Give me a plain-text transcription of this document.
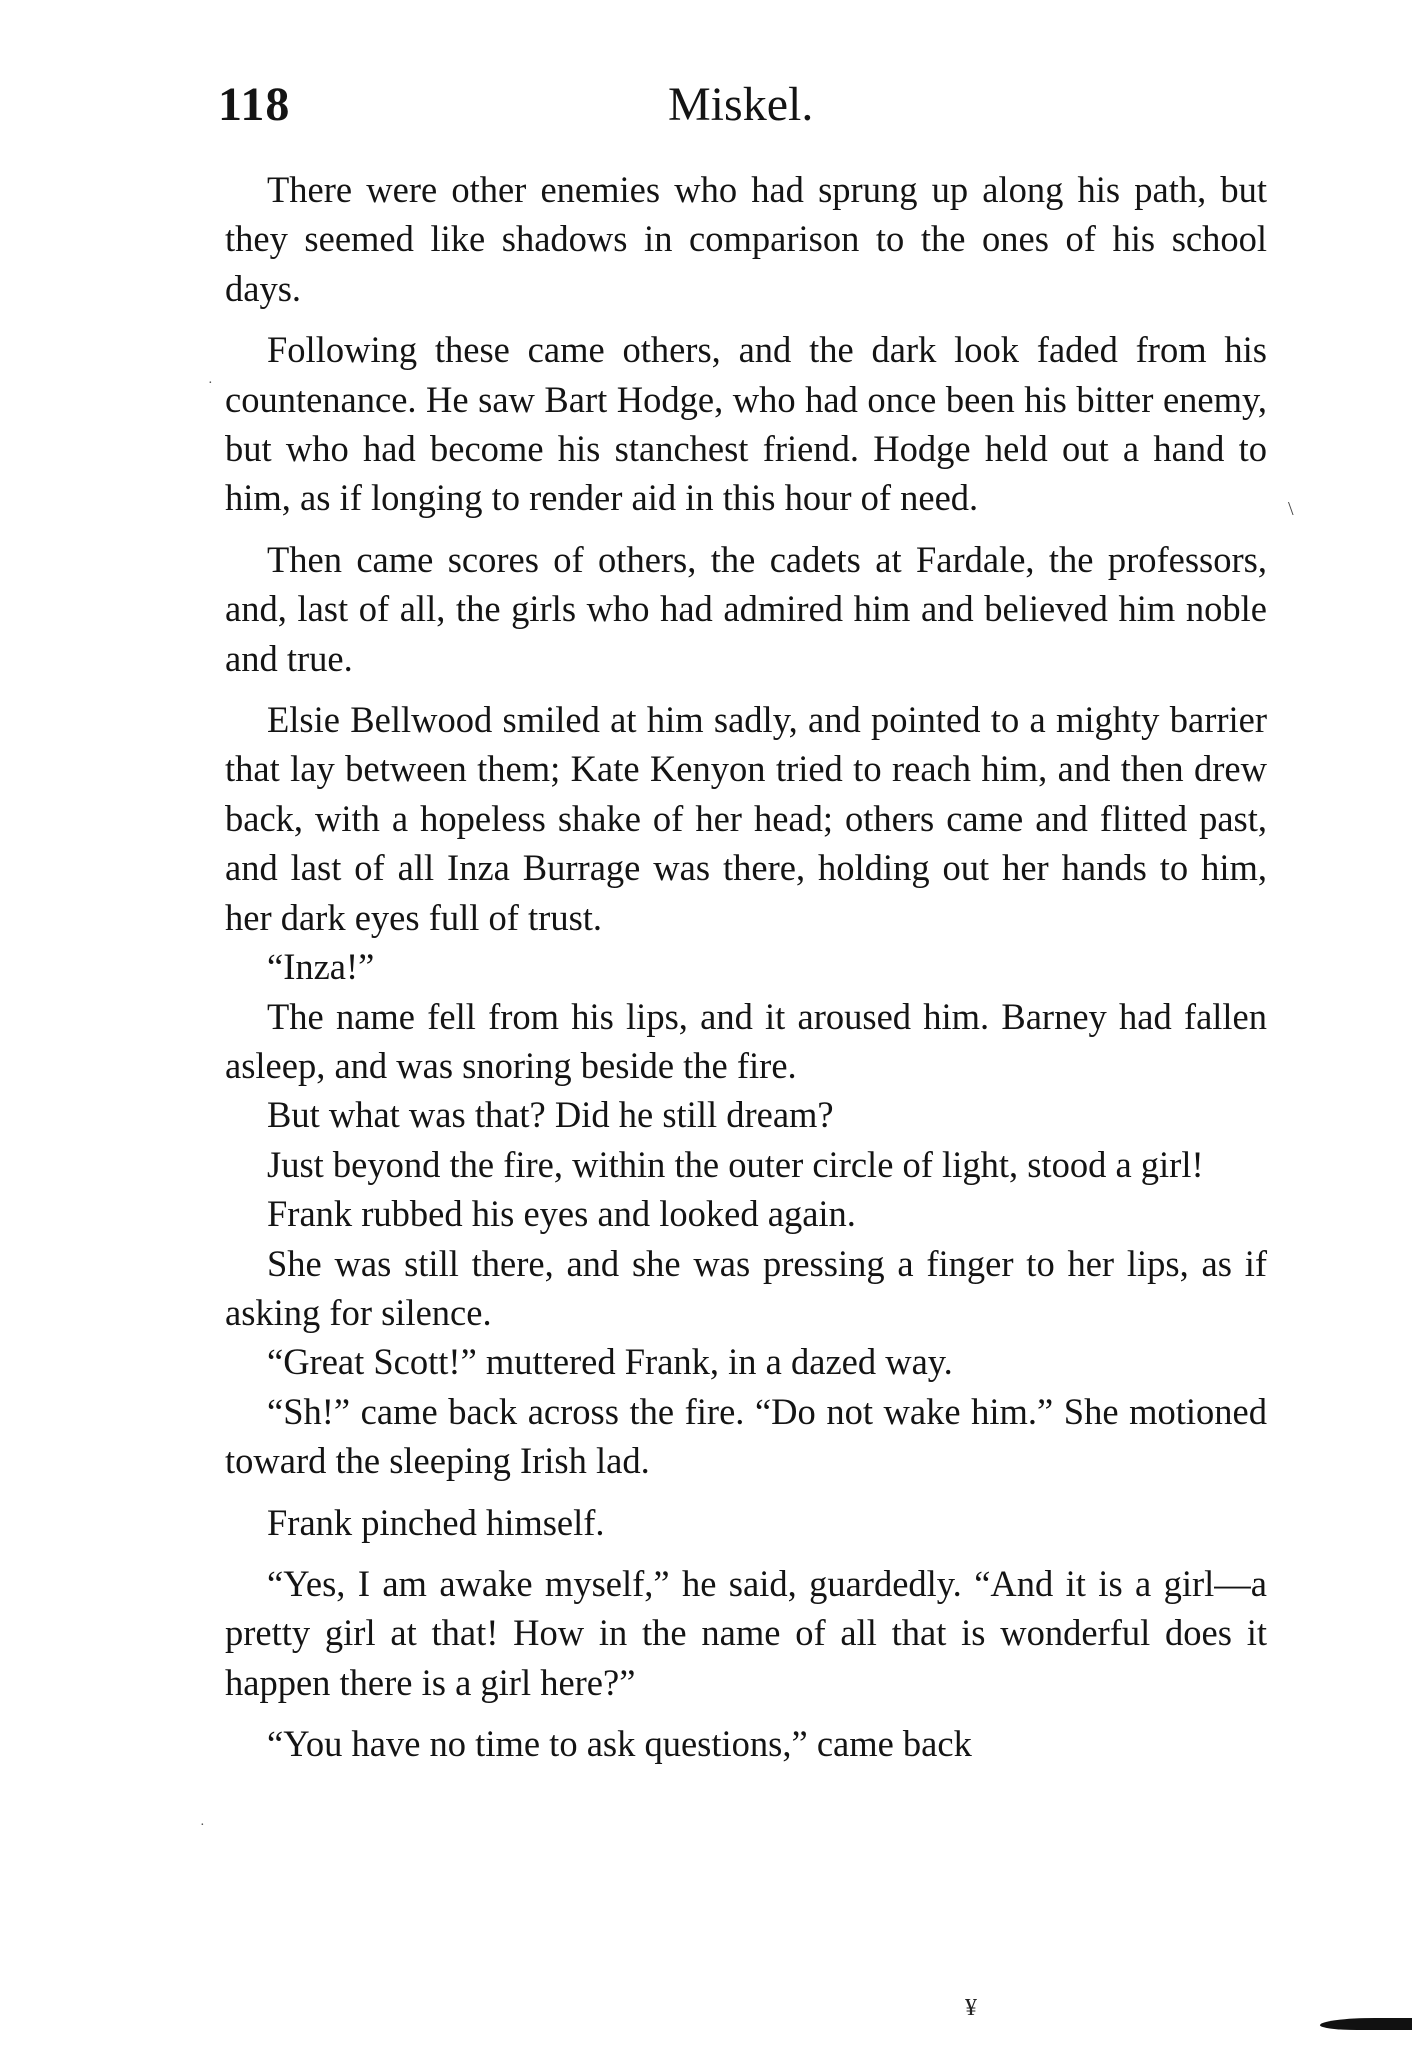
118	Miskel.

There were other enemies who had sprung up along his path, but they seemed like shadows in comparison to the ones of his school days.

Following these came others, and the dark look faded from his countenance. He saw Bart Hodge, who had once been his bitter enemy, but who had become his stanchest friend. Hodge held out a hand to him, as if longing to render aid in this hour of need.

Then came scores of others, the cadets at Fardale, the professors, and, last of all, the girls who had admired him and believed him noble and true.

Elsie Bellwood smiled at him sadly, and pointed to a mighty barrier that lay between them; Kate Kenyon tried to reach him, and then drew back, with a hopeless shake of her head; others came and flitted past, and last of all Inza Burrage was there, holding out her hands to him, her dark eyes full of trust.

“Inza!”

The name fell from his lips, and it aroused him. Barney had fallen asleep, and was snoring beside the fire.

But what was that? Did he still dream?

Just beyond the fire, within the outer circle of light, stood a girl!

Frank rubbed his eyes and looked again.

She was still there, and she was pressing a finger to her lips, as if asking for silence.

“Great Scott!” muttered Frank, in a dazed way.

“Sh!” came back across the fire. “Do not wake him.” She motioned toward the sleeping Irish lad.

Frank pinched himself.

“Yes, I am awake myself,” he said, guardedly. “And it is a girl—a pretty girl at that! How in the name of all that is wonderful does it happen there is a girl here?”

“You have no time to ask questions,” came back

\
¥
·
·
